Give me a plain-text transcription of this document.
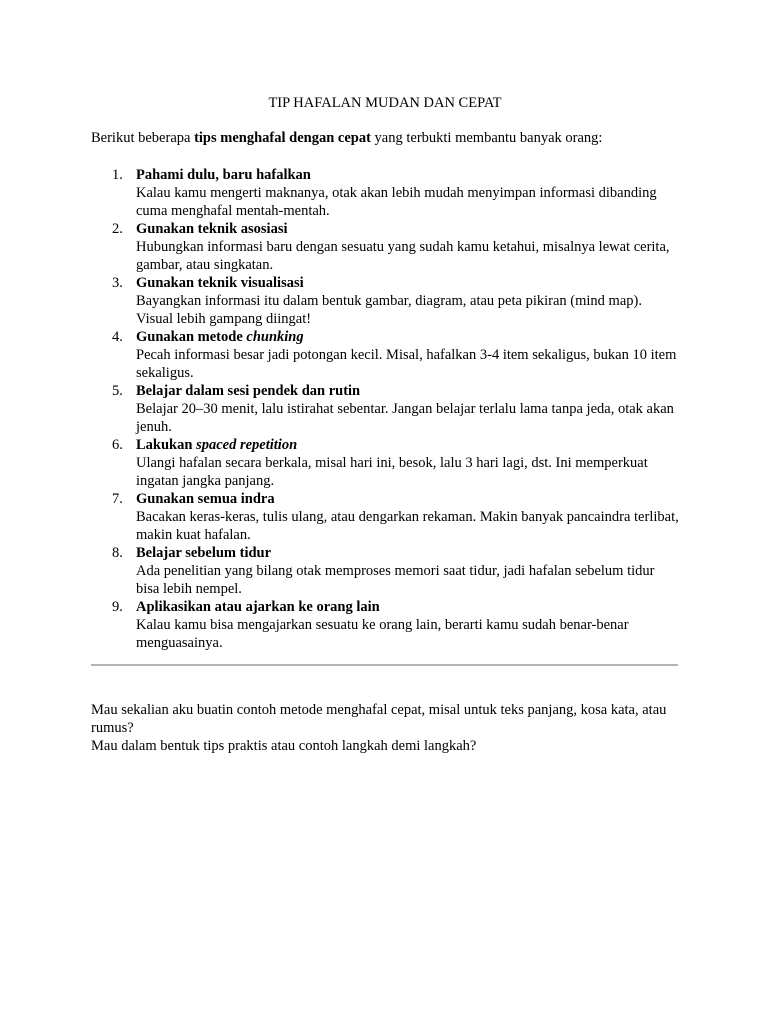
TIP HAFALAN MUDAN DAN CEPAT
Berikut beberapa tips menghafal dengan cepat yang terbukti membantu banyak orang:
1. Pahami dulu, baru hafalkan
Kalau kamu mengerti maknanya, otak akan lebih mudah menyimpan informasi dibanding cuma menghafal mentah-mentah.
2. Gunakan teknik asosiasi
Hubungkan informasi baru dengan sesuatu yang sudah kamu ketahui, misalnya lewat cerita, gambar, atau singkatan.
3. Gunakan teknik visualisasi
Bayangkan informasi itu dalam bentuk gambar, diagram, atau peta pikiran (mind map). Visual lebih gampang diingat!
4. Gunakan metode chunking
Pecah informasi besar jadi potongan kecil. Misal, hafalkan 3-4 item sekaligus, bukan 10 item sekaligus.
5. Belajar dalam sesi pendek dan rutin
Belajar 20–30 menit, lalu istirahat sebentar. Jangan belajar terlalu lama tanpa jeda, otak akan jenuh.
6. Lakukan spaced repetition
Ulangi hafalan secara berkala, misal hari ini, besok, lalu 3 hari lagi, dst. Ini memperkuat ingatan jangka panjang.
7. Gunakan semua indra
Bacakan keras-keras, tulis ulang, atau dengarkan rekaman. Makin banyak pancaindra terlibat, makin kuat hafalan.
8. Belajar sebelum tidur
Ada penelitian yang bilang otak memproses memori saat tidur, jadi hafalan sebelum tidur bisa lebih nempel.
9. Aplikasikan atau ajarkan ke orang lain
Kalau kamu bisa mengajarkan sesuatu ke orang lain, berarti kamu sudah benar-benar menguasainya.

Mau sekalian aku buatin contoh metode menghafal cepat, misal untuk teks panjang, kosa kata, atau rumus?

Mau dalam bentuk tips praktis atau contoh langkah demi langkah?
